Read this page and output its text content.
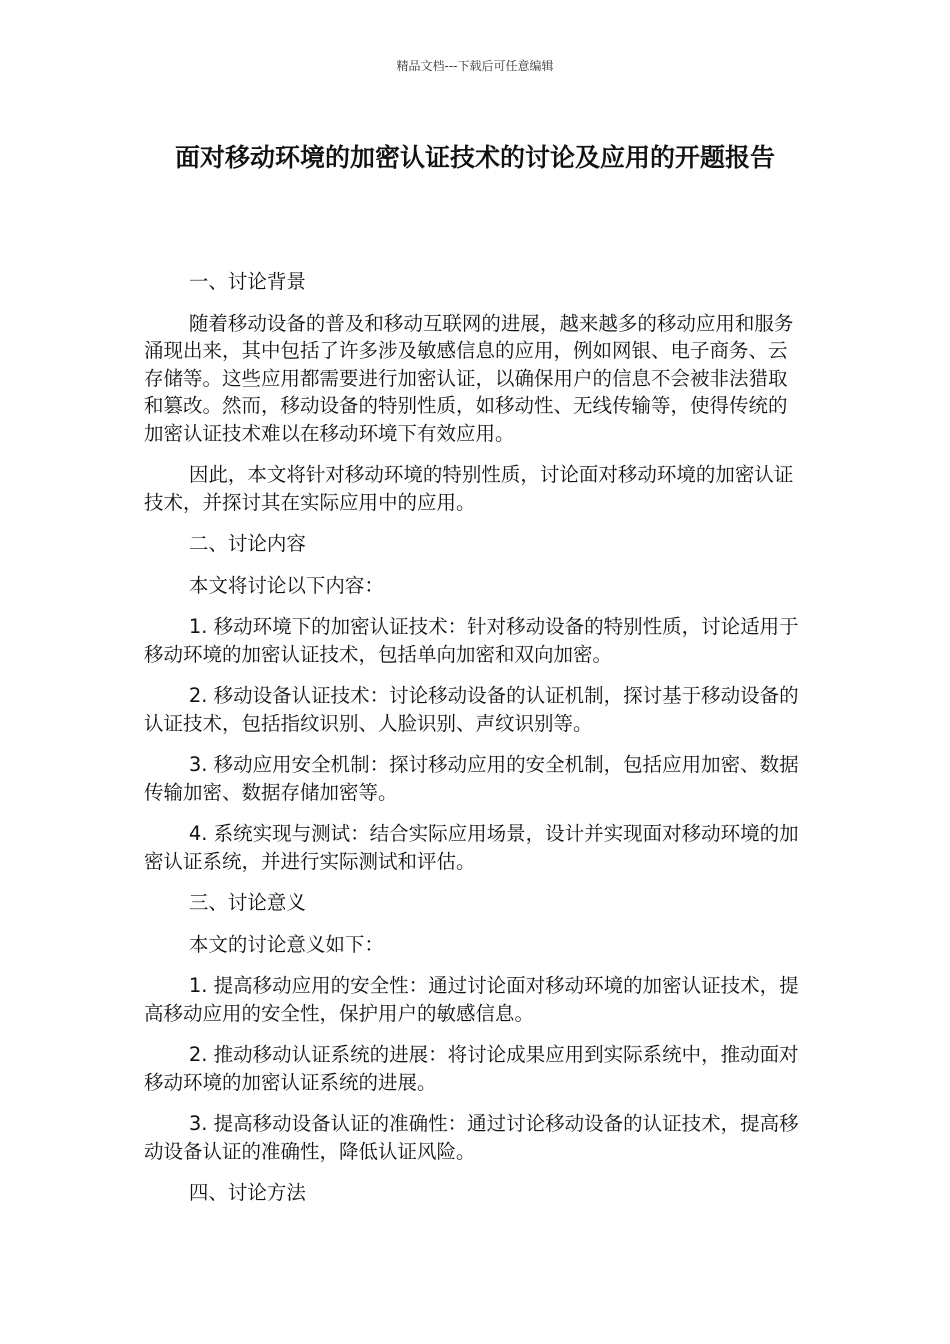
精品文档---下载后可任意编辑
面对移动环境的加密认证技术的讨论及应用的开题报告

一、讨论背景

随着移动设备的普及和移动互联网的进展，越来越多的移动应用和服务涌现出来，其中包括了许多涉及敏感信息的应用，例如网银、电子商务、云存储等。这些应用都需要进行加密认证，以确保用户的信息不会被非法猎取和篡改。然而，移动设备的特别性质，如移动性、无线传输等，使得传统的加密认证技术难以在移动环境下有效应用。

因此，本文将针对移动环境的特别性质，讨论面对移动环境的加密认证技术，并探讨其在实际应用中的应用。

二、讨论内容

本文将讨论以下内容：

1. 移动环境下的加密认证技术：针对移动设备的特别性质，讨论适用于移动环境的加密认证技术，包括单向加密和双向加密。

2. 移动设备认证技术：讨论移动设备的认证机制，探讨基于移动设备的认证技术，包括指纹识别、人脸识别、声纹识别等。

3. 移动应用安全机制：探讨移动应用的安全机制，包括应用加密、数据传输加密、数据存储加密等。

4. 系统实现与测试：结合实际应用场景，设计并实现面对移动环境的加密认证系统，并进行实际测试和评估。

三、讨论意义

本文的讨论意义如下：

1. 提高移动应用的安全性：通过讨论面对移动环境的加密认证技术，提高移动应用的安全性，保护用户的敏感信息。

2. 推动移动认证系统的进展：将讨论成果应用到实际系统中，推动面对移动环境的加密认证系统的进展。

3. 提高移动设备认证的准确性：通过讨论移动设备的认证技术，提高移动设备认证的准确性，降低认证风险。

四、讨论方法
